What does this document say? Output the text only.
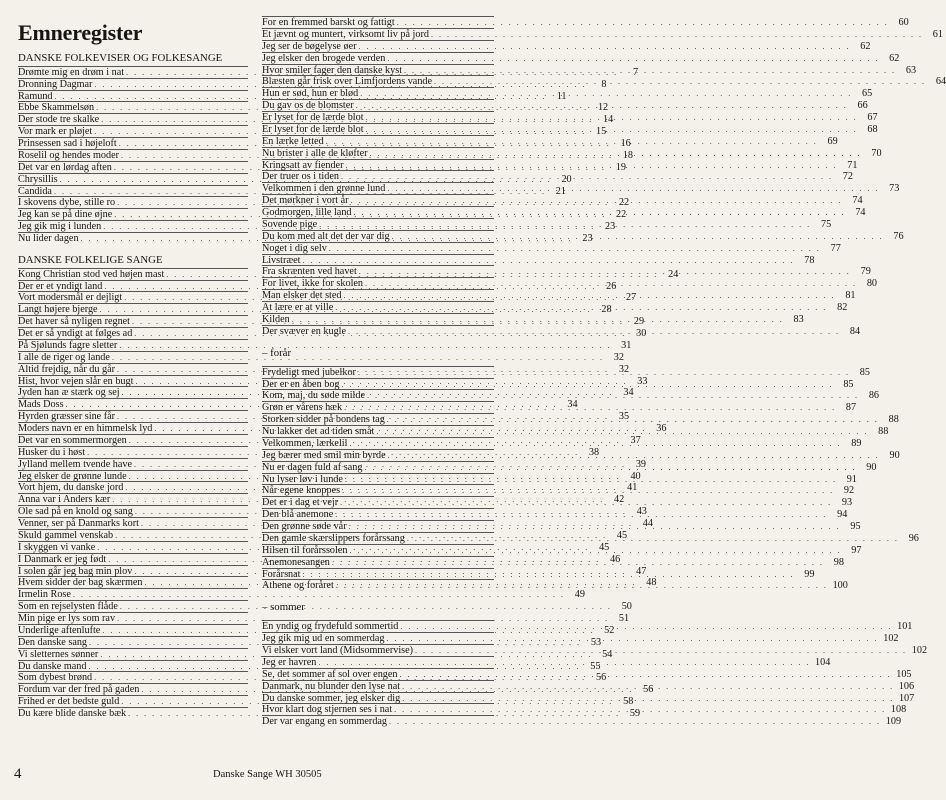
Emneregister
DANSKE FOLKEVISER OG FOLKESANGE
Drømte mig en drøm i nat . . .	7
Dronning Dagmar . . .	8
Ramund . . .	11
Ebbe Skammelsøn . . .	12
Der stode tre skalke . . .	14
Vor mark er pløjet . . .	15
Prinsessen sad i højeloft . . .	16
Roselil og hendes moder . . .	18
Det var en lørdag aften . . .	19
Chrysillis . . .	20
Candida . . .	21
I skovens dybe, stille ro . . .	22
Jeg kan se på dine øjne . . .	22
Jeg gik mig i lunden . . .	23
Nu lider dagen . . .	23
DANSKE FOLKELIGE SANGE
Kong Christian stod ved højen mast . . .	24
Der er et yndigt land . . .	26
Vort modersmål er dejligt . . .	27
Langt højere bjerge . . .	28
Det haver så nyligen regnet . . .	29
Det er så yndigt at følges ad . . .	30
På Sjølunds fagre sletter . . .	31
I alle de riger og lande . . .	32
Altid frejdig, når du går . . .	32
Hist, hvor vejen slår en bugt . . .	33
Jyden han æ stærk og sej . . .	34
Mads Doss . . .	34
Hyrden græsser sine får . . .	35
Moders navn er en himmelsk lyd . . .	36
Det var en sommermorgen . . .	37
Husker du i høst . . .	38
Jylland mellem tvende have . . .	39
Jeg elsker de grønne lunde . . .	40
Vort hjem, du danske jord . . .	41
Anna var i Anders kær . . .	42
Ole sad på en knold og sang . . .	43
Venner, ser på Danmarks kort . . .	44
Skuld gammel venskab . . .	45
I skyggen vi vanke . . .	45
I Danmark er jeg født . . .	46
I solen går jeg bag min plov . . .	47
Hvem sidder der bag skærmen . . .	48
Irmelin Rose . . .	49
Som en rejselysten flåde . . .	50
Min pige er lys som rav . . .	51
Underlige aftenlufte . . .	52
Den danske sang . . .	53
Vi sletternes sønner . . .	54
Du danske mand . . .	55
Som dybest brønd . . .	56
Fordum var der fred på gaden . . .	56
Frihed er det bedste guld . . .	58
Du kære blide danske bæk . . .	59
For en fremmed barskt og fattigt . . .	60
Et jævnt og muntert, virksomt liv på jord . . .	61
Jeg ser de bøgelyse øer . . .	62
Jeg elsker den brogede verden . . .	62
Hvor smiler fager den danske kyst . . .	63
Blæsten går frisk over Limfjordens vande . . .	64
Hun er sød, hun er blød . . .	65
Du gav os de blomster . . .	66
Er lyset for de lærde blot . . .	67
Er lyset for de lærde blot . . .	68
En lærke letted . . .	69
Nu brister i alle de kløfter . . .	70
Kringsatt av fiender . . .	71
Der truer os i tiden . . .	72
Velkommen i den grønne lund . . .	73
Det mørkner i vort år . . .	74
Godmorgen, lille land . . .	74
Sovende pige . . .	75
Du kom med alt det der var dig . . .	76
Noget i dig selv . . .	77
Livstræet . . .	78
Fra skrænten ved havet . . .	79
For livet, ikke for skolen . . .	80
Man elsker det sted . . .	81
At lære er at ville . . .	82
Kilden . . .	83
Der svæver en kugle . . .	84
– forår
Frydeligt med jubelkor . . .	85
Der er en åben bog . . .	85
Kom, maj, du søde milde . . .	86
Grøn er vårens hæk . . .	87
Storken sidder på bondens tag . . .	88
Nu lakker det ad tiden småt . . .	88
Velkommen, lærkelil . . .	89
Jeg bærer med smil min byrde . . .	90
Nu er dagen fuld af sang . . .	90
Nu lyser løv i lunde . . .	91
Når egene knoppes . . .	92
Det er i dag et vejr . . .	93
Den blå anemone . . .	94
Den grønne søde vår . . .	95
Den gamle skærslippers forårssang . . .	96
Hilsen til forårssolen . . .	97
Anemonesangen . . .	98
Forårsnat . . .	99
Athene og foråret . . .	100
– sommer
En yndig og frydefuld sommertid . . .	101
Jeg gik mig ud en sommerdag . . .	102
Vi elsker vort land (Midsommervise) . . .	102
Jeg er havren . . .	104
Se, det sommer af sol over engen . . .	105
Danmark, nu blunder den lyse nat . . .	106
Du danske sommer, jeg elsker dig . . .	107
Hvor klart dog stjernen ses i nat . . .	108
Der var engang en sommerdag . . .	109
4	Danske Sange WH 30505
